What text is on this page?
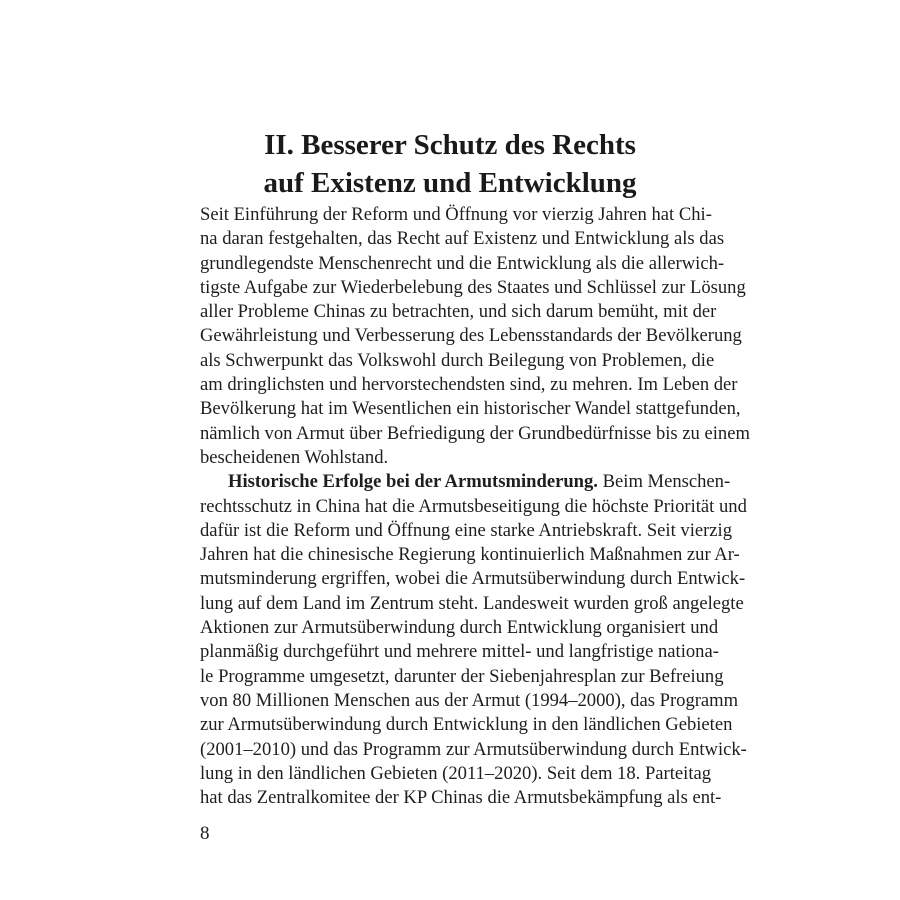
II. Besserer Schutz des Rechts
auf Existenz und Entwicklung
Seit Einführung der Reform und Öffnung vor vierzig Jahren hat Chi-
na daran festgehalten, das Recht auf Existenz und Entwicklung als das
grundlegendste Menschenrecht und die Entwicklung als die allerwich-
tigste Aufgabe zur Wiederbelebung des Staates und Schlüssel zur Lösung
aller Probleme Chinas zu betrachten, und sich darum bemüht, mit der
Gewährleistung und Verbesserung des Lebensstandards der Bevölkerung
als Schwerpunkt das Volkswohl durch Beilegung von Problemen, die
am dringlichsten und hervorstechendsten sind, zu mehren. Im Leben der
Bevölkerung hat im Wesentlichen ein historischer Wandel stattgefunden,
nämlich von Armut über Befriedigung der Grundbedürfnisse bis zu einem
bescheidenen Wohlstand.
Historische Erfolge bei der Armutsminderung. Beim Menschen-
rechtsschutz in China hat die Armutsbeseitigung die höchste Priorität und
dafür ist die Reform und Öffnung eine starke Antriebskraft. Seit vierzig
Jahren hat die chinesische Regierung kontinuierlich Maßnahmen zur Ar-
mutsminderung ergriffen, wobei die Armutsüberwindung durch Entwick-
lung auf dem Land im Zentrum steht. Landesweit wurden groß angelegte
Aktionen zur Armutsüberwindung durch Entwicklung organisiert und
planmäßig durchgeführt und mehrere mittel- und langfristige nationa-
le Programme umgesetzt, darunter der Siebenjahresplan zur Befreiung
von 80 Millionen Menschen aus der Armut (1994–2000), das Programm
zur Armutsüberwindung durch Entwicklung in den ländlichen Gebieten
(2001–2010) und das Programm zur Armutsüberwindung durch Entwick-
lung in den ländlichen Gebieten (2011–2020). Seit dem 18. Parteitag
hat das Zentralkomitee der KP Chinas die Armutsbekämpfung als ent-
8
